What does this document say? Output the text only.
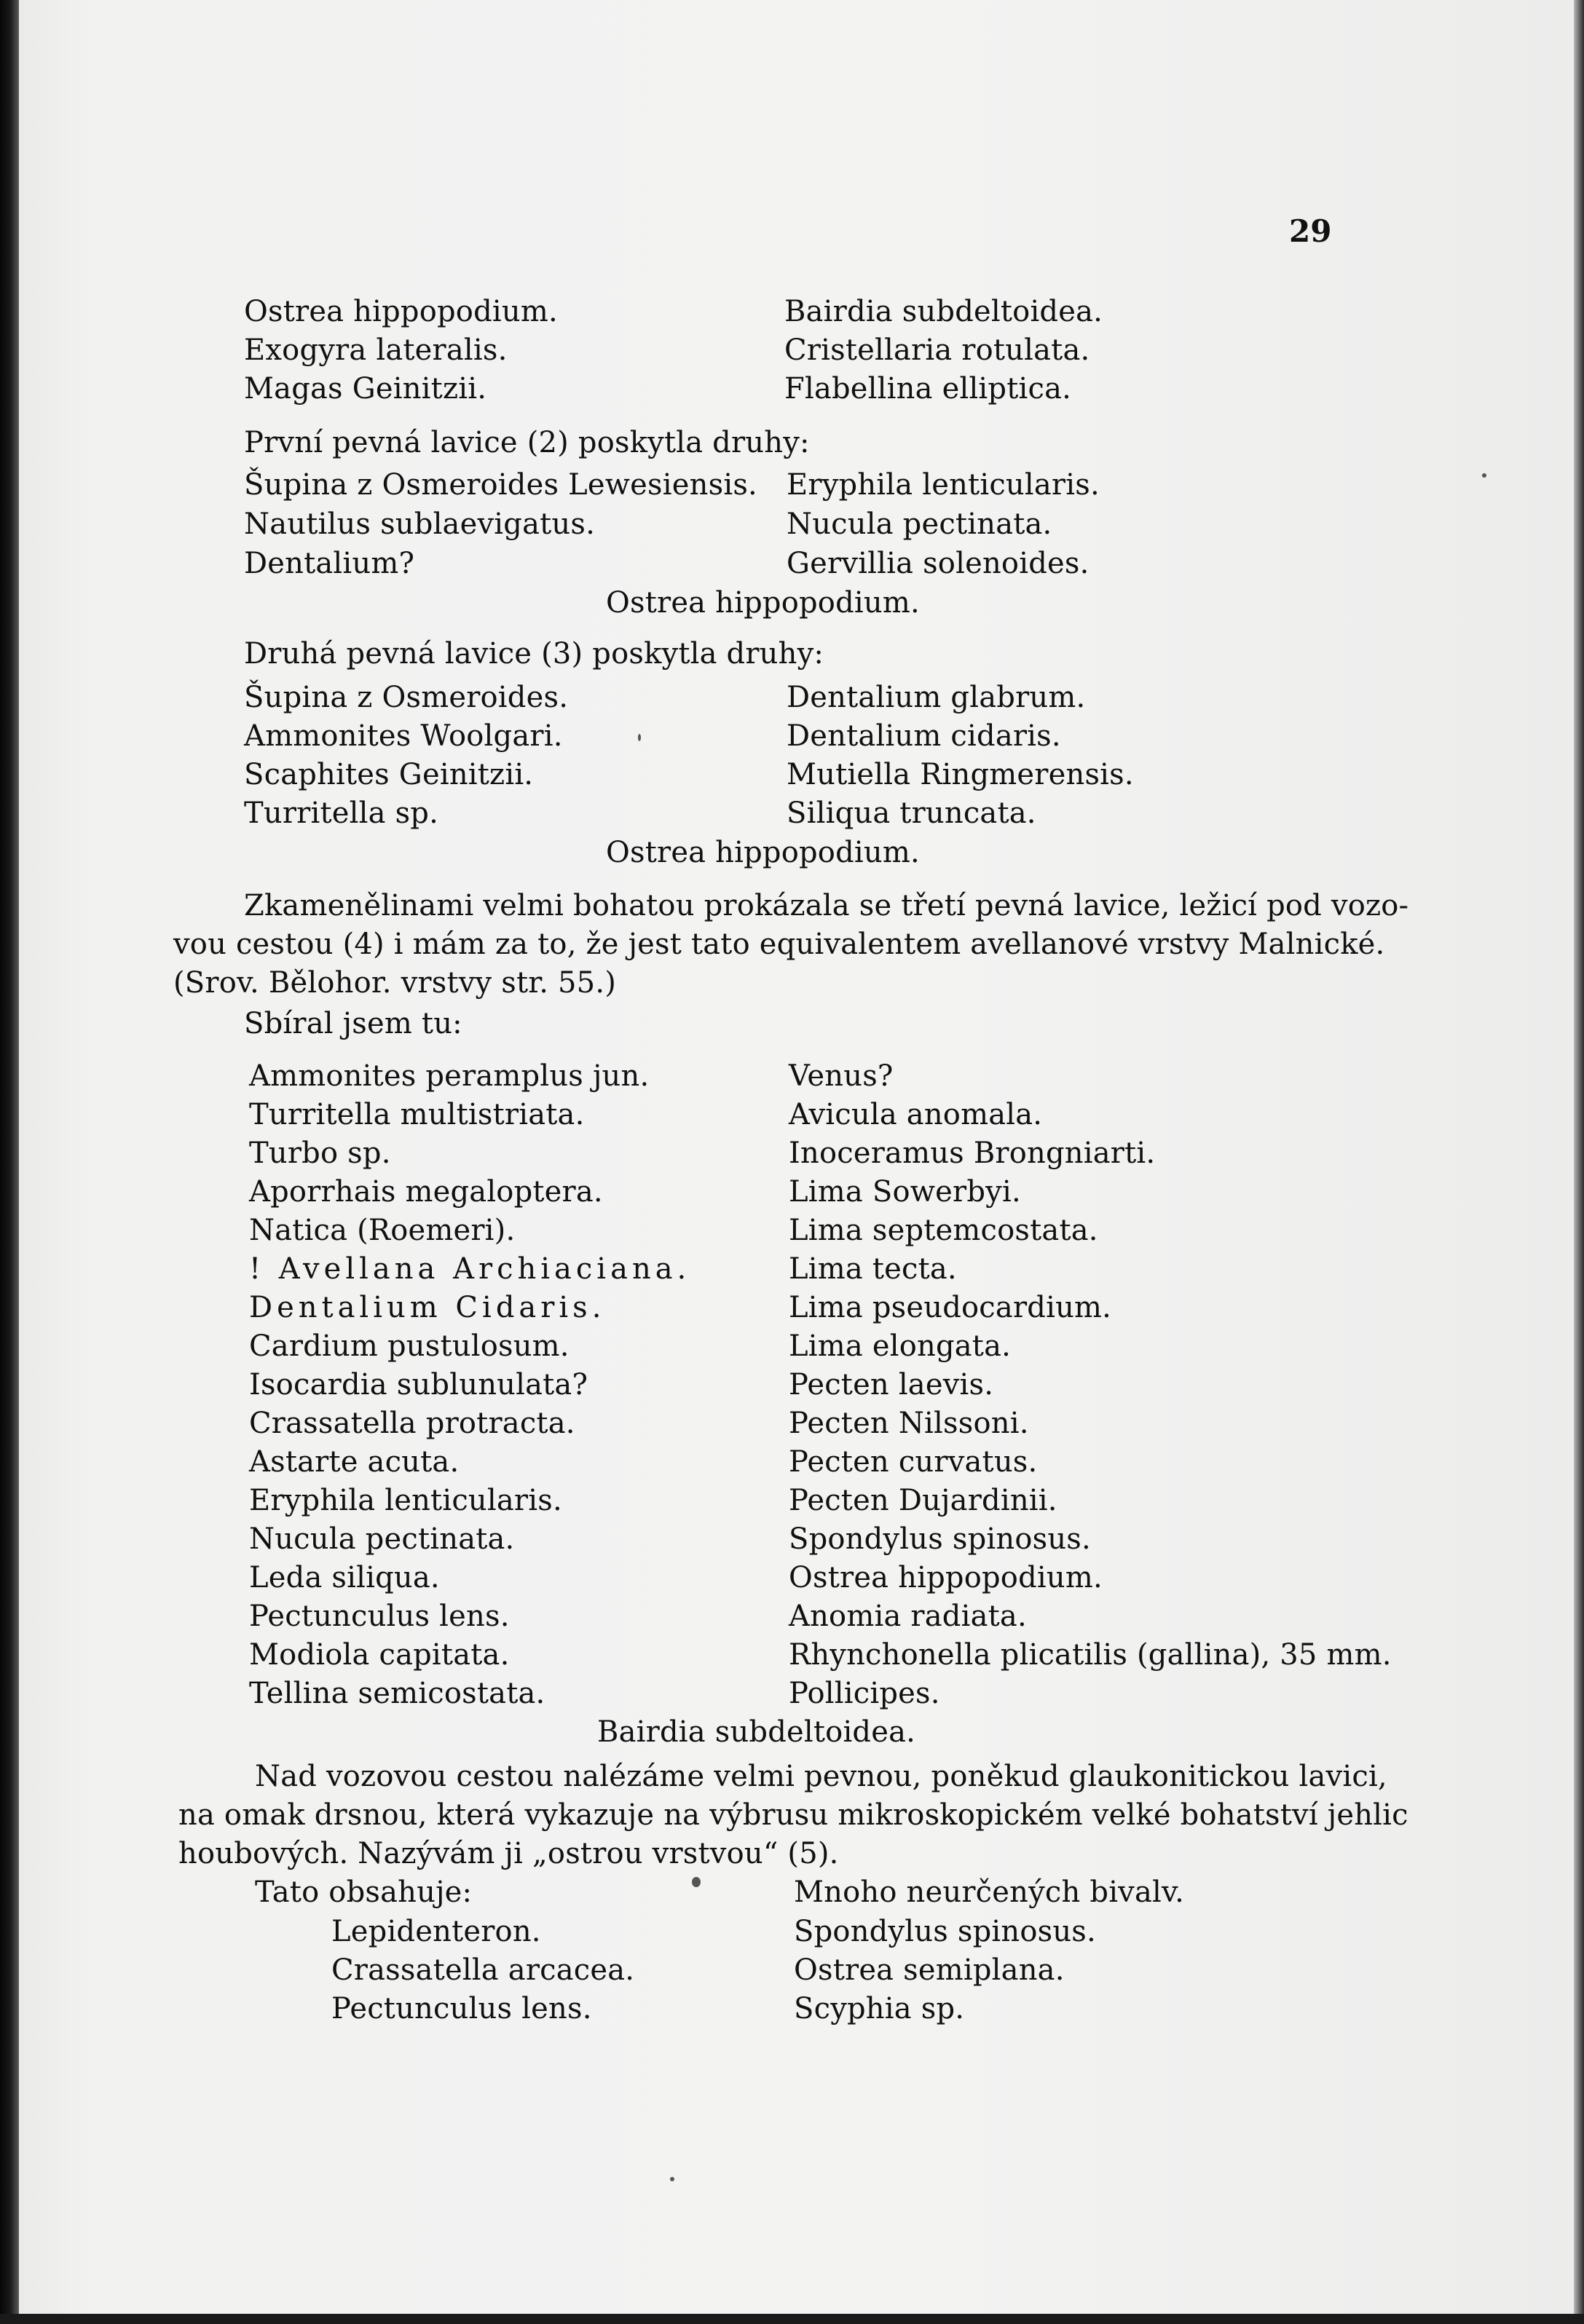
29
Ostrea hippopodium.
Exogyra lateralis.
Magas Geinitzii.
Bairdia subdeltoidea.
Cristellaria rotulata.
Flabellina elliptica.
První pevná lavice (2) poskytla druhy:
Šupina z Osmeroides Lewesiensis.
Nautilus sublaevigatus.
Dentalium?
Eryphila lenticularis.
Nucula pectinata.
Gervillia solenoides.
Ostrea hippopodium.
Druhá pevná lavice (3) poskytla druhy:
Šupina z Osmeroides.
Ammonites Woolgari.
Scaphites Geinitzii.
Turritella sp.
Dentalium glabrum.
Dentalium cidaris.
Mutiella Ringmerensis.
Siliqua truncata.
Ostrea hippopodium.
Zkamenělinami velmi bohatou prokázala se třetí pevná lavice, ležicí pod vozo-
vou cestou (4) i mám za to, že jest tato equivalentem avellanové vrstvy Malnické.
(Srov. Bělohor. vrstvy str. 55.)
Sbíral jsem tu:
Ammonites peramplus jun.
Turritella multistriata.
Turbo sp.
Aporrhais megaloptera.
Natica (Roemeri).
! Avellana Archiaciana.
Dentalium Cidaris.
Cardium pustulosum.
Isocardia sublunulata?
Crassatella protracta.
Astarte acuta.
Eryphila lenticularis.
Nucula pectinata.
Leda siliqua.
Pectunculus lens.
Modiola capitata.
Tellina semicostata.
Venus?
Avicula anomala.
Inoceramus Brongniarti.
Lima Sowerbyi.
Lima septemcostata.
Lima tecta.
Lima pseudocardium.
Lima elongata.
Pecten laevis.
Pecten Nilssoni.
Pecten curvatus.
Pecten Dujardinii.
Spondylus spinosus.
Ostrea hippopodium.
Anomia radiata.
Rhynchonella plicatilis (gallina), 35 mm.
Pollicipes.
Bairdia subdeltoidea.
Nad vozovou cestou nalézáme velmi pevnou, poněkud glaukonitickou lavici,
na omak drsnou, která vykazuje na výbrusu mikroskopickém velké bohatství jehlic
houbových. Nazývám ji „ostrou vrstvou“ (5).
Tato obsahuje:
Lepidenteron.
Crassatella arcacea.
Pectunculus lens.
Mnoho neurčených bivalv.
Spondylus spinosus.
Ostrea semiplana.
Scyphia sp.
